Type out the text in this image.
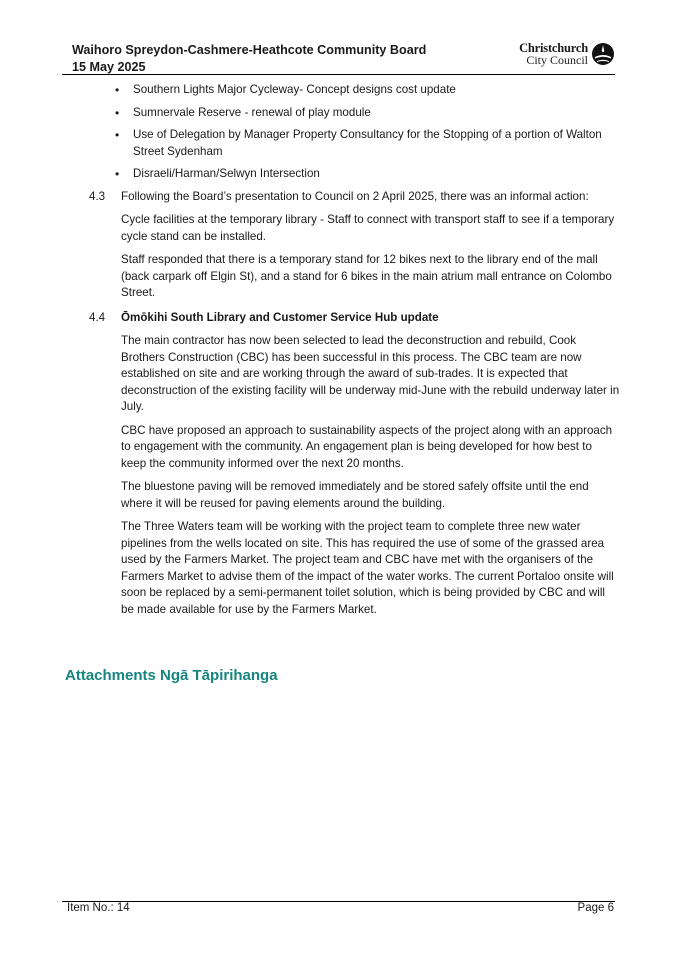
Waihoro Spreydon-Cashmere-Heathcote Community Board
15 May 2025
Christchurch
City Council
• Southern Lights Major Cycleway- Concept designs cost update
• Sumnervale Reserve - renewal of play module
• Use of Delegation by Manager Property Consultancy for the Stopping of a portion of Walton Street Sydenham
• Disraeli/Harman/Selwyn Intersection
4.3 Following the Board’s presentation to Council on 2 April 2025, there was an informal action:
Cycle facilities at the temporary library - Staff to connect with transport staff to see if a temporary cycle stand can be installed.
Staff responded that there is a temporary stand for 12 bikes next to the library end of the mall (back carpark off Elgin St), and a stand for 6 bikes in the main atrium mall entrance on Colombo Street.
4.4 Ōmōkihi South Library and Customer Service Hub update
The main contractor has now been selected to lead the deconstruction and rebuild, Cook Brothers Construction (CBC) has been successful in this process. The CBC team are now established on site and are working through the award of sub-trades. It is expected that deconstruction of the existing facility will be underway mid-June with the rebuild underway later in July.
CBC have proposed an approach to sustainability aspects of the project along with an approach to engagement with the community. An engagement plan is being developed for how best to keep the community informed over the next 20 months.
The bluestone paving will be removed immediately and be stored safely offsite until the end where it will be reused for paving elements around the building.
The Three Waters team will be working with the project team to complete three new water pipelines from the wells located on site. This has required the use of some of the grassed area used by the Farmers Market. The project team and CBC have met with the organisers of the Farmers Market to advise them of the impact of the water works. The current Portaloo onsite will soon be replaced by a semi-permanent toilet solution, which is being provided by CBC and will be made available for use by the Farmers Market.
Attachments Ngā Tāpirihanga
Item No.: 14	Page 6
